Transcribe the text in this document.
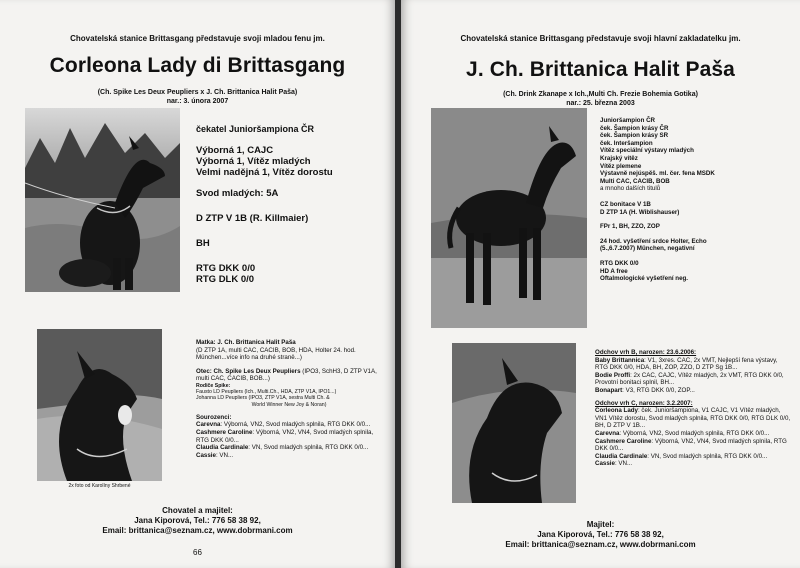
Chovatelská stanice Brittasgang představuje svoji mladou fenu jm.
Corleona Lady di Brittasgang
(Ch. Spike Les Deux Peupliers x J. Ch. Brittanica Halit Paša)
nar.: 3. února 2007
čekatel Junioršampiona ČR
Výborná 1, CAJC
Výborná 1, Vítěz mladých
Velmi nadějná 1, Vítěz dorostu
Svod mladých: 5A
D ZTP V 1B (R. Killmaier)
BH
RTG DKK 0/0
RTG DLK 0/0
2x foto od Karolíny Shrbené
Matka: J. Ch. Brittanica Halit Paša
(D ZTP 1A, multi CAC, CACIB, BOB, HDA, Holter 24. hod. München...více info na druhé straně...)
Otec: Ch. Spike Les Deux Peupliers (IPO3, SchH3, D ZTP V1A, multi CAC, CACIB, BOB...)
Rodiče Spike:
Fausto LD Peupliers (Ich., Multi.Ch., HDA, ZTP V1A, IPO1...)
Johanna LD Peupliers (IPO3, ZTP V1A, sestra Multi Ch. &
World Winner New Joy & Noran)
Sourozenci:
Carevna: Výborná, VN2, Svod mladých splnila, RTG DKK 0/0...
Cashmere Caroline: Výborná, VN2, VN4, Svod mladých splnila, RTG DKK 0/0...
Claudia Cardinale: VN, Svod mladých splnila, RTG DKK 0/0...
Cassie: VN...
Chovatel a majitel:
Jana Kiporová, Tel.: 776 58 38 92,
Email: brittanica@seznam.cz, www.dobrmani.com
66
Chovatelská stanice Brittasgang představuje svoji hlavní zakladatelku jm.
J. Ch. Brittanica Halit Paša
(Ch. Drink Zkanape x Ich.,Multi Ch. Frezie Bohemia Gotika)
nar.: 25. března 2003
Junioršampion ČR
ček. Šampion krásy ČR
ček. Šampion krásy SR
ček. Interšampion
Vítěz speciální výstavy mladých
Krajský vítěz
Vítěz plemene
Výstavně nejúspěš. ml. čer. fena MSDK
Multi CAC, CACIB, BOB
a mnoho dalších titulů
CZ bonitace V 1B
D ZTP 1A (H. Wiblishauser)
FPr 1, BH, ZZO, ZOP
24 hod. vyšetření srdce Holter, Echo
(5.,6.7.2007) München, negativní
RTG DKK 0/0
HD A free
Oftalmologické vyšetření neg.
Odchov vrh B, narozen: 23.6.2006:
Baby Brittannica: V1, 3xres. CAC, 2x VMT, Nejlepší fena výstavy, RTG DKK 0/0, HDA, BH, ZOP, ZZO, D ZTP Sg 1B...
Bodie Proffi: 2x CAC, CAJC, Vítěz mladých, 2x VMT, RTG DKK 0/0, Provotní bonitaci splnil, BH...
Bonapart: V3, RTG DKK 0/0, ZOP...
Odchov vrh C, narozen: 3.2.2007:
Corleona Lady: ček. Junioršampiona, V1 CAJC, V1 Vítěz mladých, VN1 Vítěz dorostu, Svod mladých splnila, RTG DKK 0/0, RTG DLK 0/0, BH, D ZTP V 1B...
Carevna: Výborná, VN2, Svod mladých splnila, RTG DKK 0/0...
Cashmere Caroline: Výborná, VN2, VN4, Svod mladých splnila, RTG DKK 0/0...
Claudia Cardinale: VN, Svod mladých splnila, RTG DKK 0/0...
Cassie: VN...
Majitel:
Jana Kiporová, Tel.: 776 58 38 92,
Email: brittanica@seznam.cz, www.dobrmani.com
